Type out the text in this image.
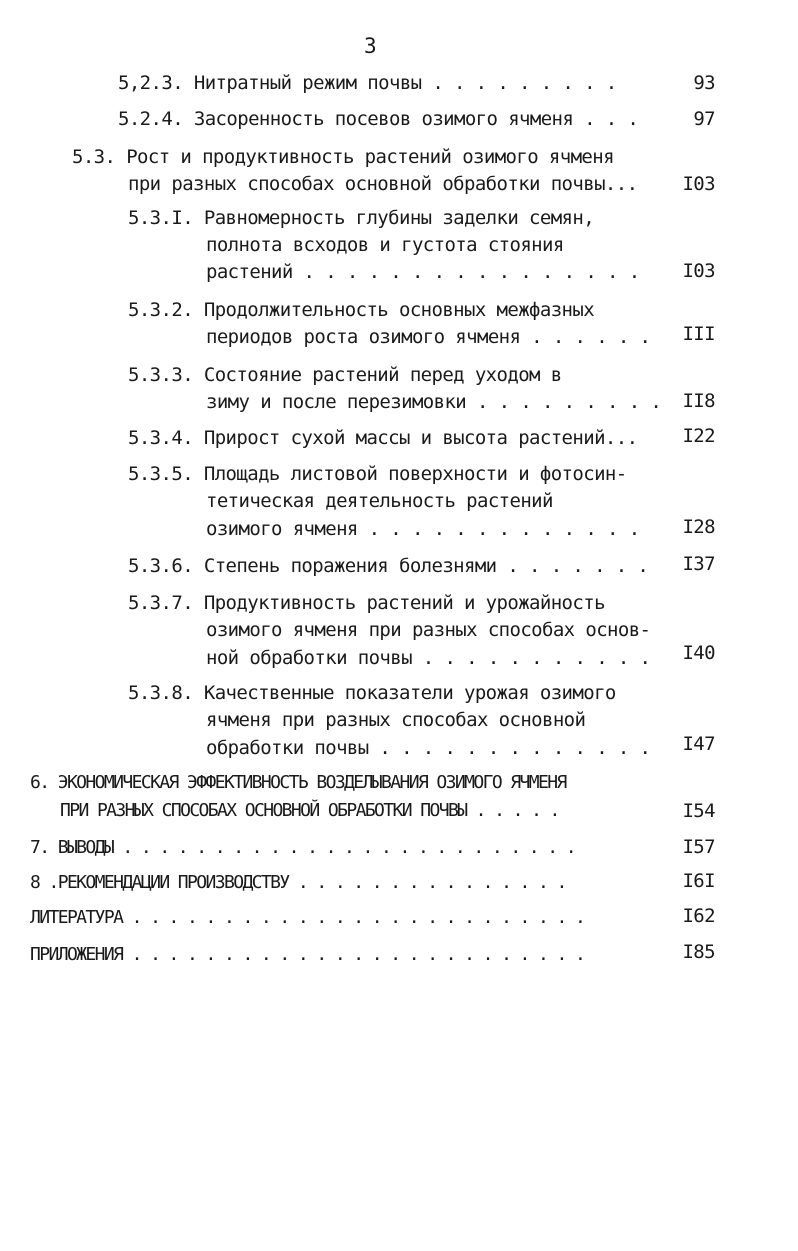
3
5,2.3. Нитратный режим почвы . . . . . . . . .	93
5.2.4. Засоренность посевов озимого ячменя . . .	97
5.3. Рост и продуктивность растений озимого ячменя
при разных способах основной обработки почвы...	I03
5.3.I. Равномерность глубины заделки семян,
полнота всходов и густота стояния
растений . . . . . . . . . . . . . . . .	I03
5.3.2. Продолжительность основных межфазных
периодов роста озимого ячменя . . . . . .	III
5.3.3. Состояние растений перед уходом в
зиму и после перезимовки . . . . . . . . .	II8
5.3.4. Прирост сухой массы и высота растений...	I22
5.3.5. Площадь листовой поверхности и фотосин-
тетическая деятельность растений
озимого ячменя . . . . . . . . . . . . .	I28
5.3.6. Степень поражения болезнями . . . . . . .	I37
5.3.7. Продуктивность растений и урожайность
озимого ячменя при разных способах основ-
ной обработки почвы . . . . . . . . . . .	I40
5.3.8. Качественные показатели урожая озимого
ячменя при разных способах основной
обработки почвы . . . . . . . . . . . . .	I47
6. ЭКОНОМИЧЕСКАЯ ЭФФЕКТИВНОСТЬ ВОЗДЕЛЫВАНИЯ ОЗИМОГО ЯЧМЕНЯ
ПРИ РАЗНЫХ СПОСОБАХ ОСНОВНОЙ ОБРАБОТКИ ПОЧВЫ . . . . .	I54
7. ВЫВОДЫ . . . . . . . . . . . . . . . . . . . . . . . . .	I57
8 .РЕКОМЕНДАЦИИ ПРОИЗВОДСТВУ . . . . . . . . . . . . . . .	I6I
ЛИТЕРАТУРА . . . . . . . . . . . . . . . . . . . . . . . . .	I62
ПРИЛОЖЕНИЯ . . . . . . . . . . . . . . . . . . . . . . . . .	I85
